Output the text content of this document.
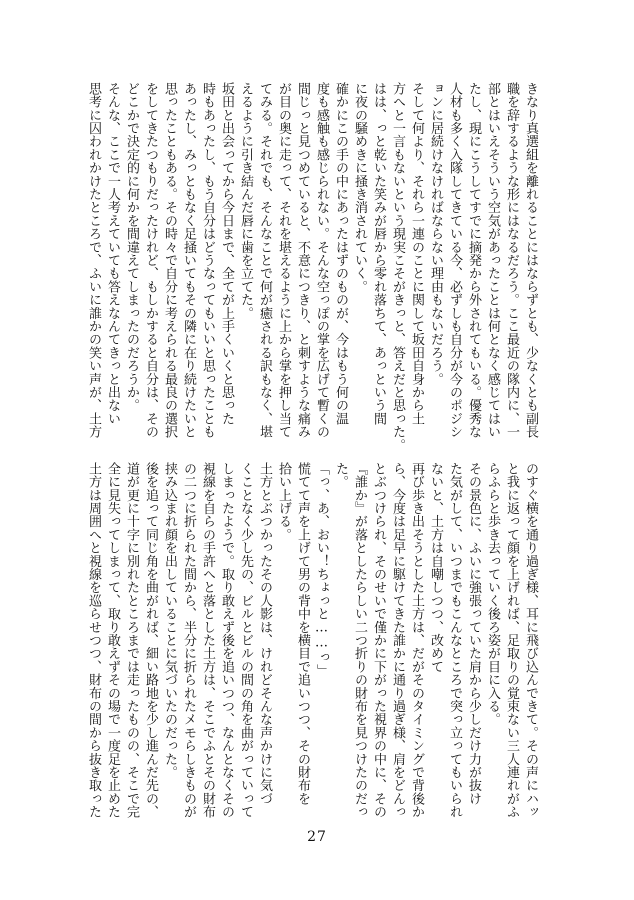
きなり真選組を離れることにはならずとも、少なくとも副長

職を辞するような形にはなるだろう。ここ最近の隊内に、一

部とはいえそういう空気があったことは何となく感じてはい

たし、現にこうしてすでに摘発から外されてもいる。優秀な

人材も多く入隊してきている今、必ずしも自分が今のポジシ

ョンに居続けなければならない理由もないだろう。

そして何より、それら一連のことに関して坂田自身から土

方へと一言もないという現実こそがきっと、答えだと思った。

はは、っと乾いた笑みが唇から零れ落ちて、あっという間

に夜の騒めきに掻き消されていく。

確かにこの手の中にあったはずのものが、今はもう何の温

度も感触も感じられない。そんな空っぽの掌を広げて暫くの

間じっと見つめていると、不意につきり、と刺すような痛み

が目の奥に走って、それを堪えるように上から掌を押し当て

てみる。それでも、そんなことで何が癒される訳もなく、堪

えるように引き結んだ唇に歯を立てた。

坂田と出会ってから今日まで、全てが上手くいくと思った

時もあったし、もう自分はどうなってもいいと思ったことも

あったし、みっともなく足掻いてもその隣に在り続けたいと

思ったこともある。その時々で自分に考えられる最良の選択

をしてきたつもりだったけれど、もしかすると自分は、その

どこかで決定的に何かを間違えてしまったのだろうか。

そんな、ここで一人考えていても答えなんてきっと出ない

思考に囚われかけたところで、ふいに誰かの笑い声が、土方

のすぐ横を通り過ぎ様、耳に飛び込んできて。その声にハッ

と我に返って顔を上げれば、足取りの覚束ない三人連れがふ

らふらと歩き去っていく後ろ姿が目に入る。

その景色に、ふいに強張っていた肩から少しだけ力が抜け

た気がして、いつまでもこんなところで突っ立ってもいられ

ないと、土方は自嘲しつつ、改めて

再び歩き出そうとした土方は、だがそのタイミングで背後か

ら、今度は足早に駆けてきた誰かに通り過ぎ様、肩をどんっ

とぶつけられ、そのせいで僅かに下がった視界の中に、その

『誰か』が落としたらしい二つ折りの財布を見つけたのだっ

た。

「っ、あ、おい！ちょっと……っ」

慌てて声を上げて男の背中を横目で追いつつ、その財布を

拾い上げる。

土方とぶつかったその人影は、けれどそんな声かけに気づ

くことなく少し先の、ビルとビルの間の角を曲がっていって

しまったようで。取り敢えず後を追いつつ、なんとなくその

視線を自らの手許へと落とした土方は、そこでふとその財布

の二つに折られた間から、半分に折られたメモらしきものが

挟み込まれ顔を出していることに気づいたのだった。

後を追って同じ角を曲がれば、細い路地を少し進んだ先の、

道が更に十字に別れたところまでは走ったものの、そこで完

全に見失ってしまって、取り敢えずその場で一度足を止めた

土方は周囲へと視線を巡らせつつ、財布の間から抜き取った

27
